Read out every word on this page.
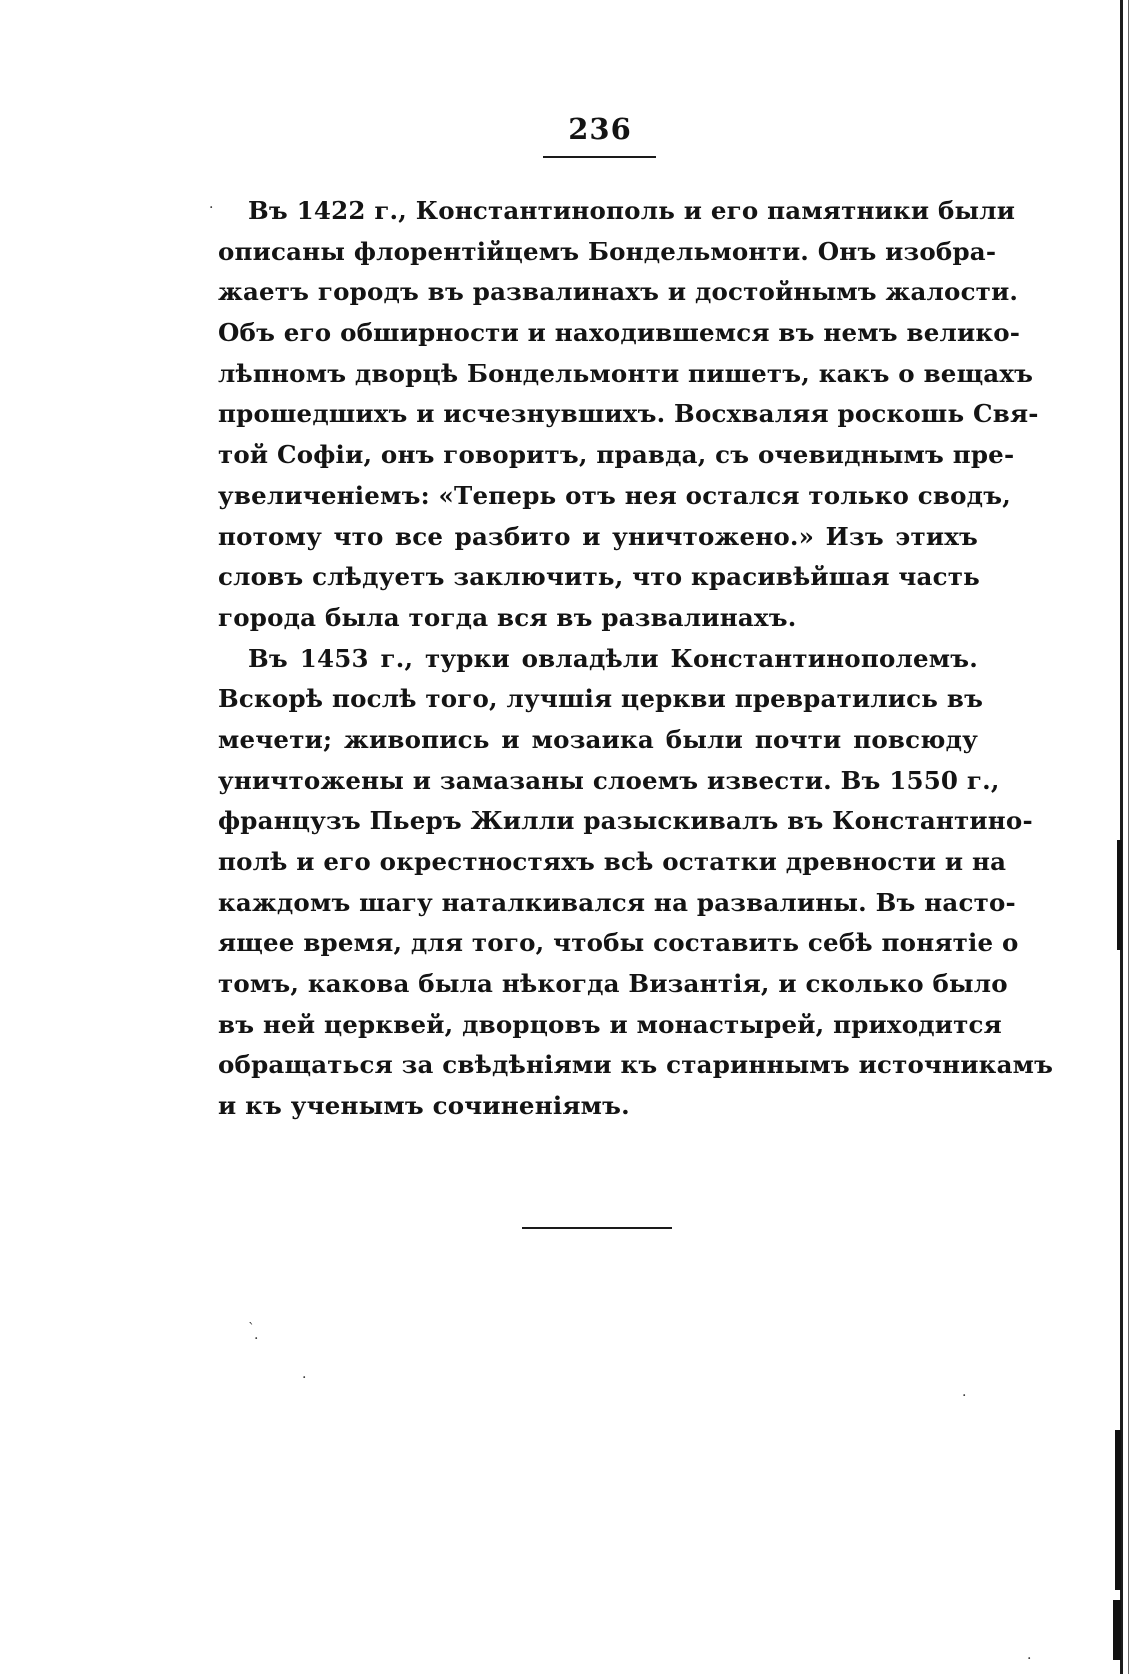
236
Въ 1422 г., Константинополь и его памятники были
описаны флорентійцемъ Бондельмонти. Онъ изобра-
жаетъ городъ въ развалинахъ и достойнымъ жалости.
Объ его обширности и находившемся въ немъ велико-
лѣпномъ дворцѣ Бондельмонти пишетъ, какъ о вещахъ
прошедшихъ и исчезнувшихъ. Восхваляя роскошь Свя-
той Софіи, онъ говоритъ, правда, съ очевиднымъ пре-
увеличеніемъ: «Теперь отъ нея остался только сводъ,
потому что все разбито и уничтожено.» Изъ этихъ
словъ слѣдуетъ заключить, что красивѣйшая часть
города была тогда вся въ развалинахъ.
Въ 1453 г., турки овладѣли Константинополемъ.
Вскорѣ послѣ того, лучшія церкви превратились въ
мечети; живопись и мозаика были почти повсюду
уничтожены и замазаны слоемъ извести. Въ 1550 г.,
французъ Пьеръ Жилли разыскивалъ въ Константино-
полѣ и его окрестностяхъ всѣ остатки древности и на
каждомъ шагу наталкивался на развалины. Въ насто-
ящее время, для того, чтобы составить себѣ понятіе о
томъ, какова была нѣкогда Византія, и сколько было
въ ней церквей, дворцовъ и монастырей, приходится
обращаться за свѣдѣніями къ стариннымъ источникамъ
и къ ученымъ сочиненіямъ.
·
`
·
·
·
·
